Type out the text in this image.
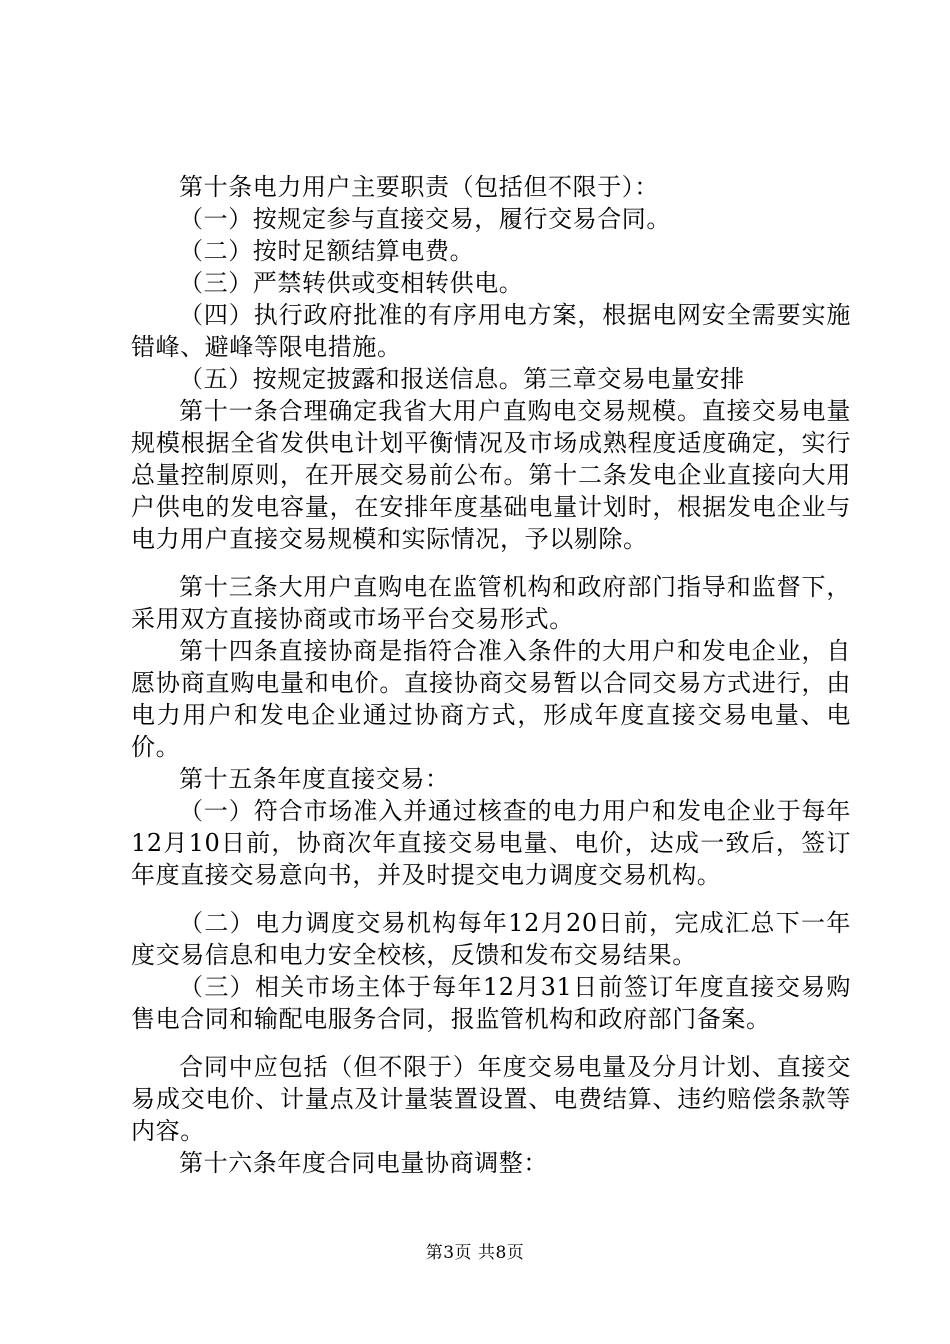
第十条电力用户主要职责（包括但不限于）：

（一）按规定参与直接交易，履行交易合同。

（二）按时足额结算电费。

（三）严禁转供或变相转供电。

（四）执行政府批准的有序用电方案，根据电网安全需要实施错峰、避峰等限电措施。

（五）按规定披露和报送信息。第三章交易电量安排

第十一条合理确定我省大用户直购电交易规模。直接交易电量规模根据全省发供电计划平衡情况及市场成熟程度适度确定，实行总量控制原则，在开展交易前公布。第十二条发电企业直接向大用户供电的发电容量，在安排年度基础电量计划时，根据发电企业与电力用户直接交易规模和实际情况，予以剔除。

第十三条大用户直购电在监管机构和政府部门指导和监督下，采用双方直接协商或市场平台交易形式。

第十四条直接协商是指符合准入条件的大用户和发电企业，自愿协商直购电量和电价。直接协商交易暂以合同交易方式进行，由电力用户和发电企业通过协商方式，形成年度直接交易电量、电价。

第十五条年度直接交易：

（一）符合市场准入并通过核查的电力用户和发电企业于每年12月10日前，协商次年直接交易电量、电价，达成一致后，签订年度直接交易意向书，并及时提交电力调度交易机构。

（二）电力调度交易机构每年12月20日前，完成汇总下一年度交易信息和电力安全校核，反馈和发布交易结果。

（三）相关市场主体于每年12月31日前签订年度直接交易购售电合同和输配电服务合同，报监管机构和政府部门备案。

合同中应包括（但不限于）年度交易电量及分月计划、直接交易成交电价、计量点及计量装置设置、电费结算、违约赔偿条款等内容。

第十六条年度合同电量协商调整：

第3页 共8页
